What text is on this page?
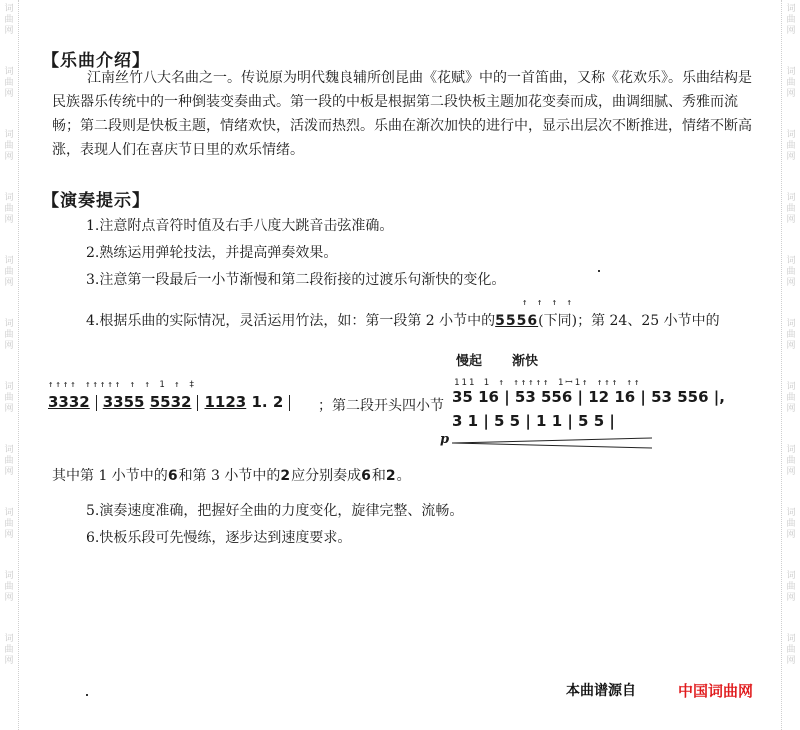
词
曲
网
词
曲
网
词
曲
网
词
曲
网
词
曲
网
词
曲
网
词
曲
网
词
曲
网
词
曲
网
词
曲
网
词
曲
网
词
曲
网
词
曲
网
词
曲
网
词
曲
网
词
曲
网
词
曲
网
词
曲
网
词
曲
网
词
曲
网
词
曲
网
词
曲
网
【乐曲介绍】
江南丝竹八大名曲之一。传说原为明代魏良辅所创昆曲《花赋》中的一首笛曲，又称《花欢乐》。乐曲结构是民族器乐传统中的一种倒装变奏曲式。第一段的中板是根据第二段快板主题加花变奏而成，曲调细腻、秀雅而流畅；第二段则是快板主题，情绪欢快，活泼而热烈。乐曲在渐次加快的进行中，显示出层次不断推进，情绪不断高涨，表现人们在喜庆节日里的欢乐情绪。
【演奏提示】
1.注意附点音符时值及右手八度大跳音击弦准确。
2.熟练运用弹轮技法，并提高弹奏效果。
3.注意第一段最后一小节渐慢和第二段衔接的过渡乐句渐快的变化。
4.根据乐曲的实际情况，灵活运用竹法，如：第一段第 2 小节中的5556(下同)；第 24、25 小节中的
↑ ↑ ↑ ↑
慢起 渐快
↑↑↑↑ ↑↑↑↑↑ ↑ ↑ 1 ↑ ‡
3332 3355 5532 1123 1. 2	；第二段开头四小节
111 1 ↑ ↑↑↑↑↑ 1ꟷ1↑ ↑↑↑ ↑↑
35 16 | 53 556 | 12 16 | 53 556 |,
3 1 | 5 5 | 1 1 | 5 5 |
p
其中第 1 小节中的6和第 3 小节中的2应分别奏成6和2。
5.演奏速度准确，把握好全曲的力度变化，旋律完整、流畅。
6.快板乐段可先慢练，逐步达到速度要求。
本曲谱源自	中国词曲网
